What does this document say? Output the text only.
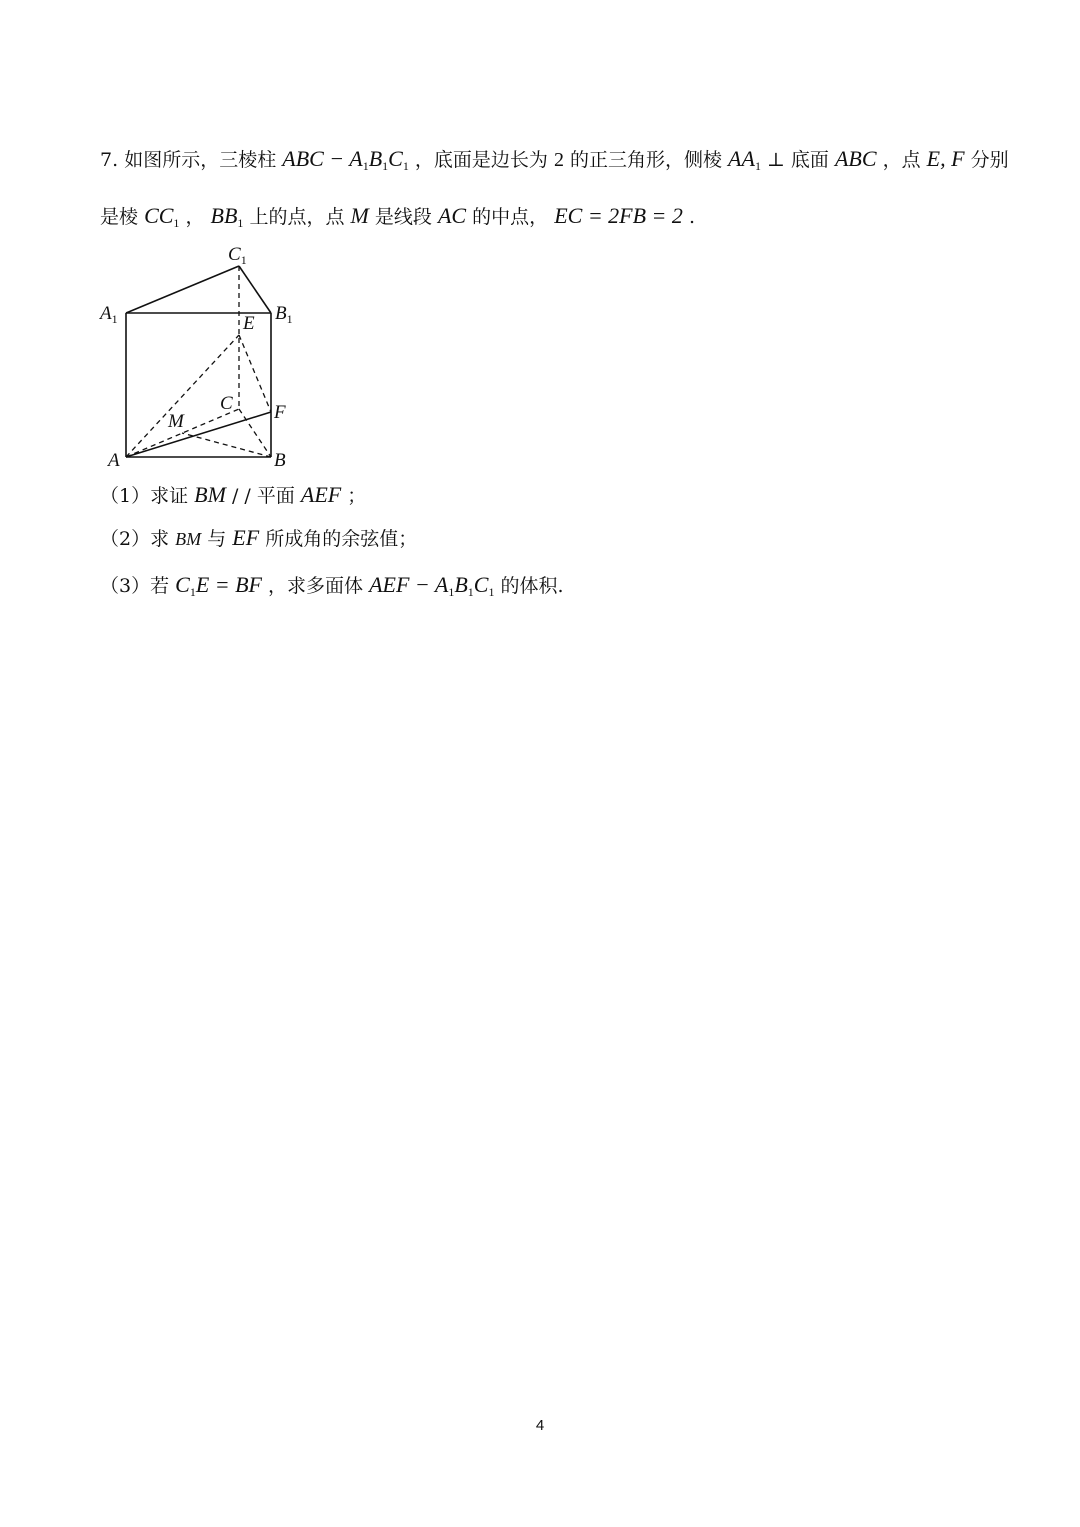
7. 如图所示，三棱柱 ABC − $A_1B_1C_1$ ，底面是边长为 2 的正三角形，侧棱 $AA_1$ ⊥ 底面 ABC ，点 E, F 分别
是棱 $CC_1$ ， $BB_1$ 上的点，点 M 是线段 AC 的中点， EC = 2FB = 2 .
$C_1$
$A_1$	$B_1$
E
C F
M
A	B
（1）求证 BM / / 平面 AEF ；
（2）求 BM 与 EF 所成角的余弦值；
（3）若 $C_1E$ = BF ，求多面体 AEF − $A_1B_1C_1$ 的体积.
4
